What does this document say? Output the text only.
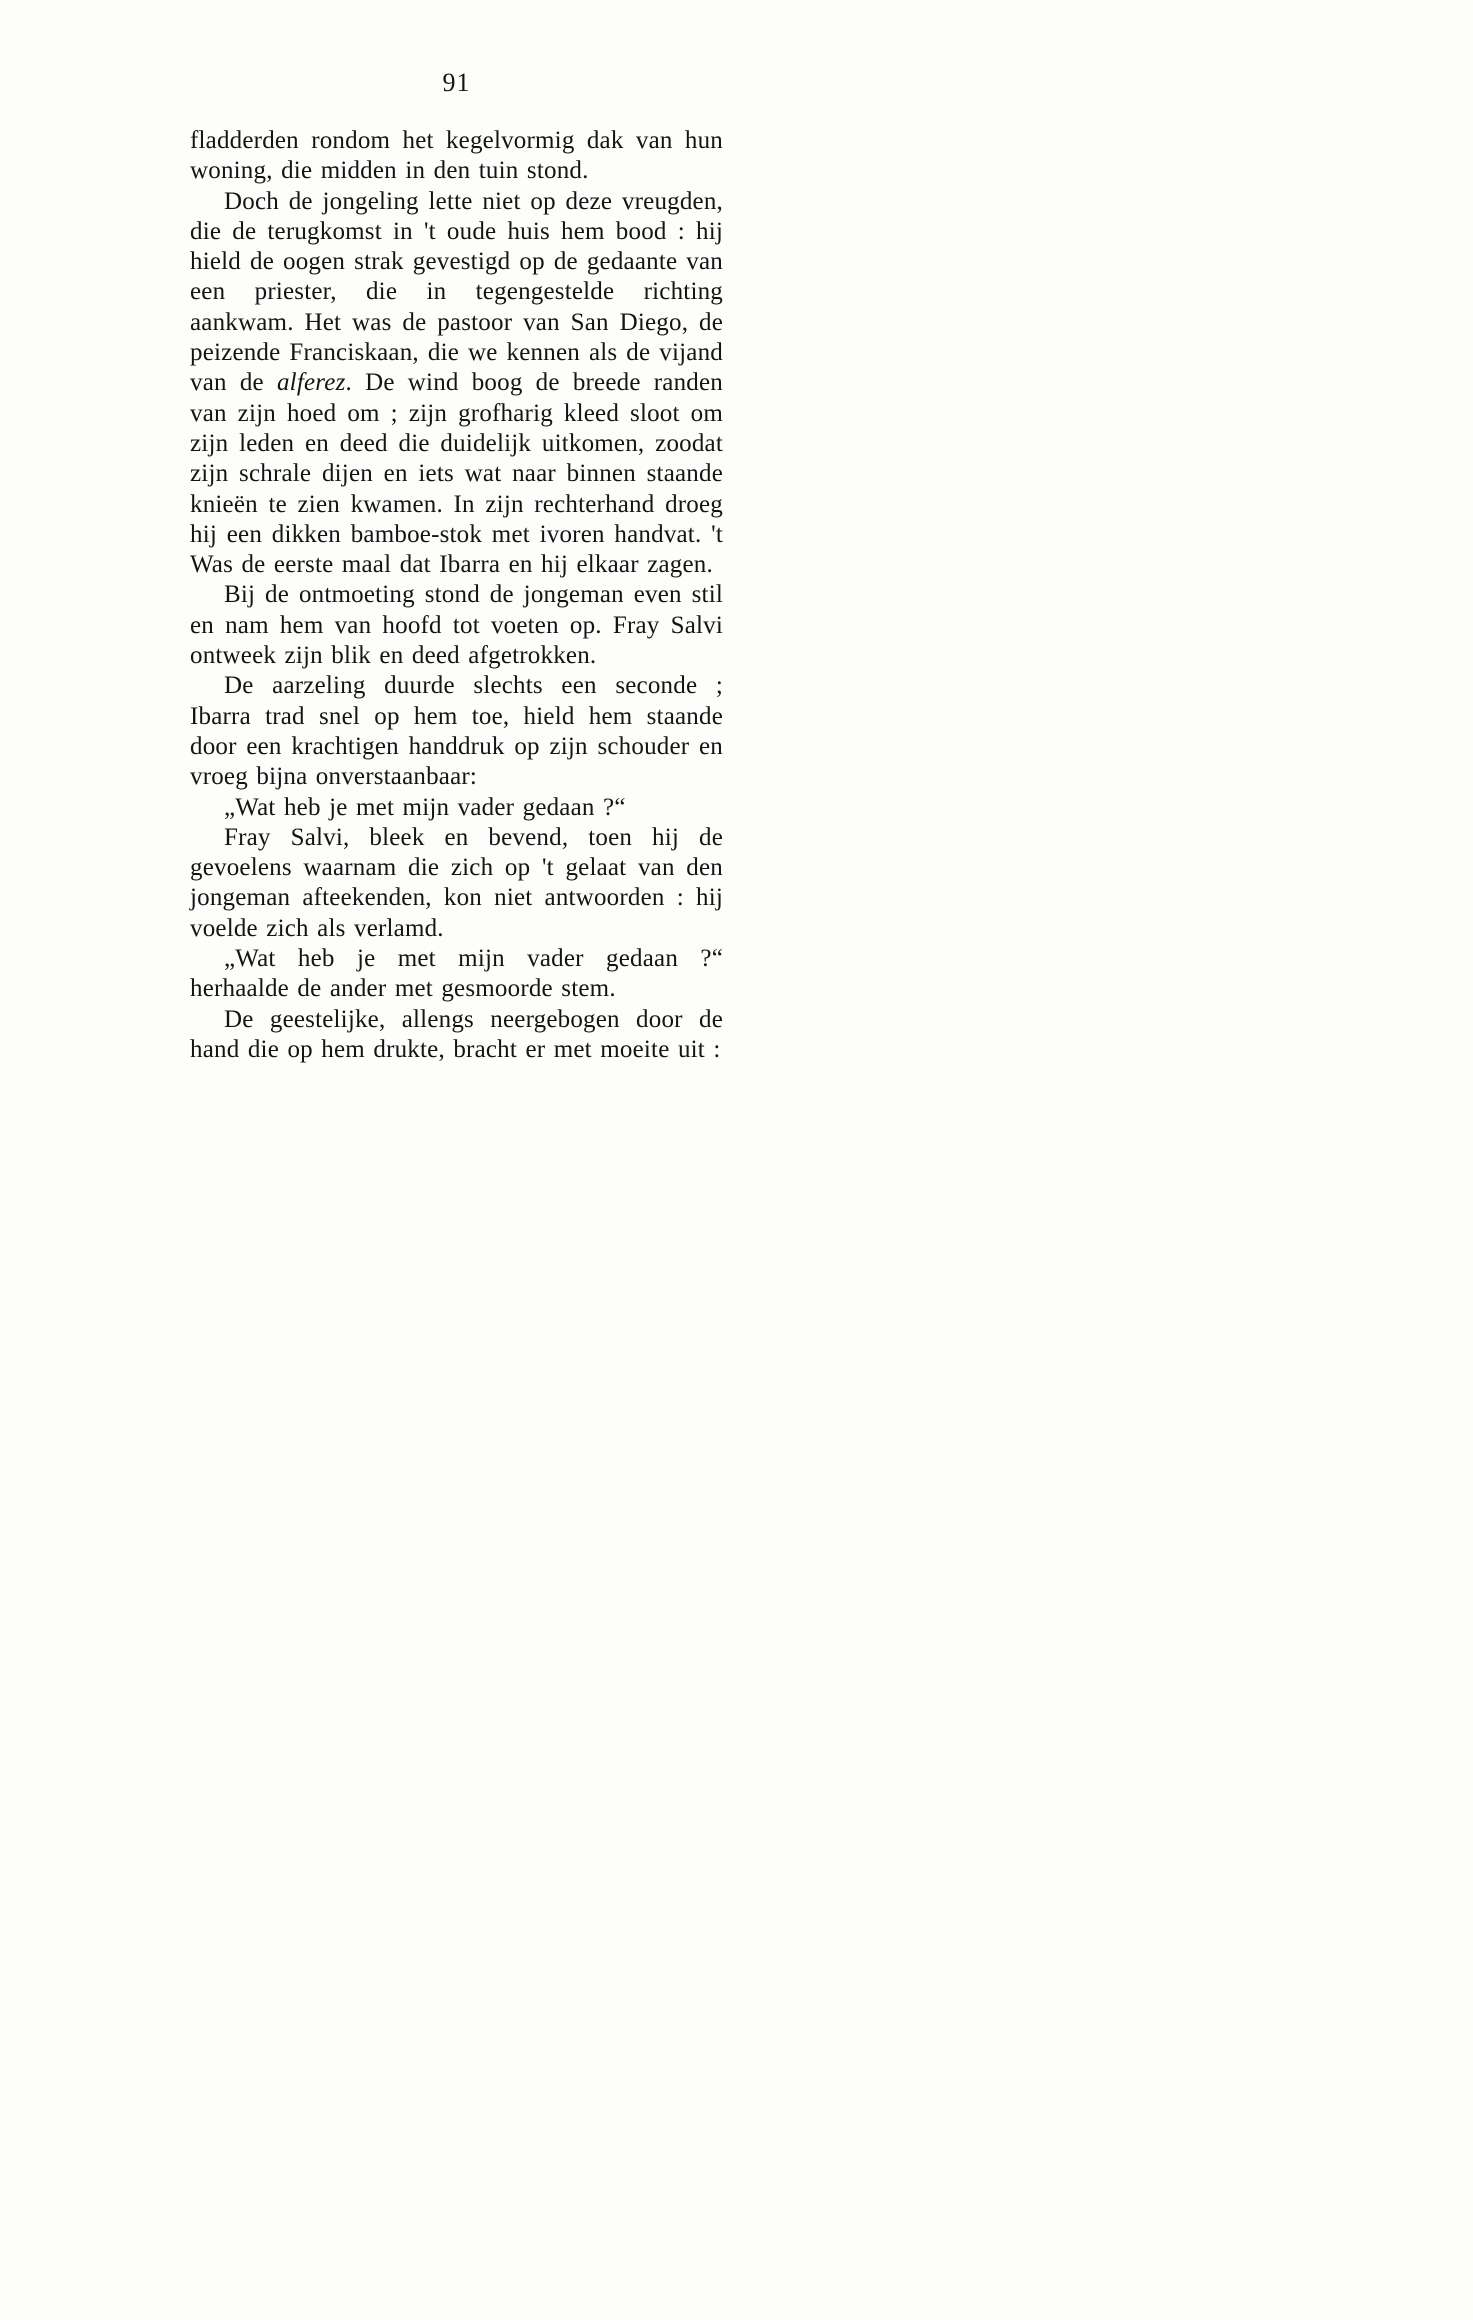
91

fladderden rondom het kegelvormig dak van hun woning, die midden in den tuin stond.

Doch de jongeling lette niet op deze vreugden, die de terugkomst in 't oude huis hem bood : hij hield de oogen strak gevestigd op de gedaante van een priester, die in tegengestelde richting aankwam. Het was de pastoor van San Diego, de peizende Franciskaan, die we kennen als de vijand van de alferez. De wind boog de breede randen van zijn hoed om ; zijn grofharig kleed sloot om zijn leden en deed die duidelijk uitkomen, zoodat zijn schrale dijen en iets wat naar binnen staande knieën te zien kwamen. In zijn rechterhand droeg hij een dikken bamboe-stok met ivoren handvat. 't Was de eerste maal dat Ibarra en hij elkaar zagen.

Bij de ontmoeting stond de jongeman even stil en nam hem van hoofd tot voeten op. Fray Salvi ontweek zijn blik en deed afgetrokken.

De aarzeling duurde slechts een seconde ; Ibarra trad snel op hem toe, hield hem staande door een krachtigen handdruk op zijn schouder en vroeg bijna onverstaanbaar:

„Wat heb je met mijn vader gedaan ?“

Fray Salvi, bleek en bevend, toen hij de gevoelens waarnam die zich op 't gelaat van den jongeman afteekenden, kon niet antwoorden : hij voelde zich als verlamd.

„Wat heb je met mijn vader gedaan ?“ herhaalde de ander met gesmoorde stem.

De geestelijke, allengs neergebogen door de hand die op hem drukte, bracht er met moeite uit :
